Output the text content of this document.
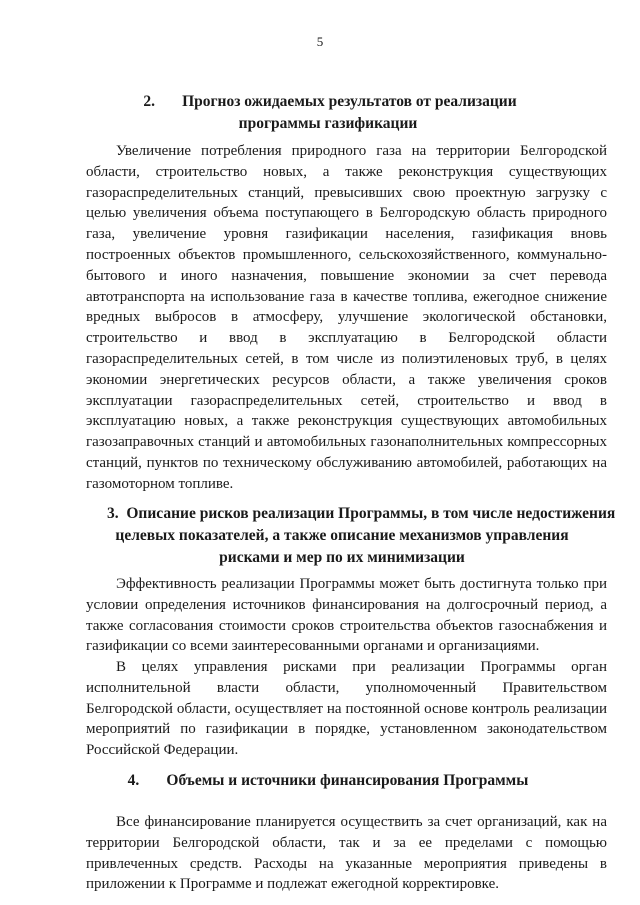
5
2.       Прогноз ожидаемых результатов от реализации
программы газификации

Увеличение потребления природного газа на территории Белгородской области, строительство новых, а также реконструкция существующих газораспределительных станций, превысивших свою проектную загрузку с целью увеличения объема поступающего в Белгородскую область природного газа, увеличение уровня газификации населения, газификация вновь построенных объектов промышленного, сельскохозяйственного, коммунально-бытового и иного назначения, повышение экономии за счет перевода автотранспорта на использование газа в качестве топлива, ежегодное снижение вредных выбросов в атмосферу, улучшение экологической обстановки, строительство и ввод в эксплуатацию в Белгородской области газораспределительных сетей, в том числе из полиэтиленовых труб, в целях экономии энергетических ресурсов области, а также увеличения сроков эксплуатации газораспределительных сетей, строительство и ввод в эксплуатацию новых, а также реконструкция существующих автомобильных газозаправочных станций и автомобильных газонаполнительных компрессорных станций, пунктов по техническому обслуживанию автомобилей, работающих на газомоторном топливе.

3.  Описание рисков реализации Программы, в том числе недостижения
целевых показателей, а также описание механизмов управления
рисками и мер по их минимизации

Эффективность реализации Программы может быть достигнута только при условии определения источников финансирования на долгосрочный период, а также согласования стоимости сроков строительства объектов газоснабжения и газификации со всеми заинтересованными органами и организациями.

В целях управления рисками при реализации Программы орган исполнительной власти области, уполномоченный Правительством Белгородской области, осуществляет на постоянной основе контроль реализации мероприятий по газификации в порядке, установленном законодательством Российской Федерации.

4.       Объемы и источники финансирования Программы

Все финансирование планируется осуществить за счет организаций, как на территории Белгородской области, так и за ее пределами с помощью привлеченных средств. Расходы на указанные мероприятия приведены в приложении к Программе и подлежат ежегодной корректировке.
